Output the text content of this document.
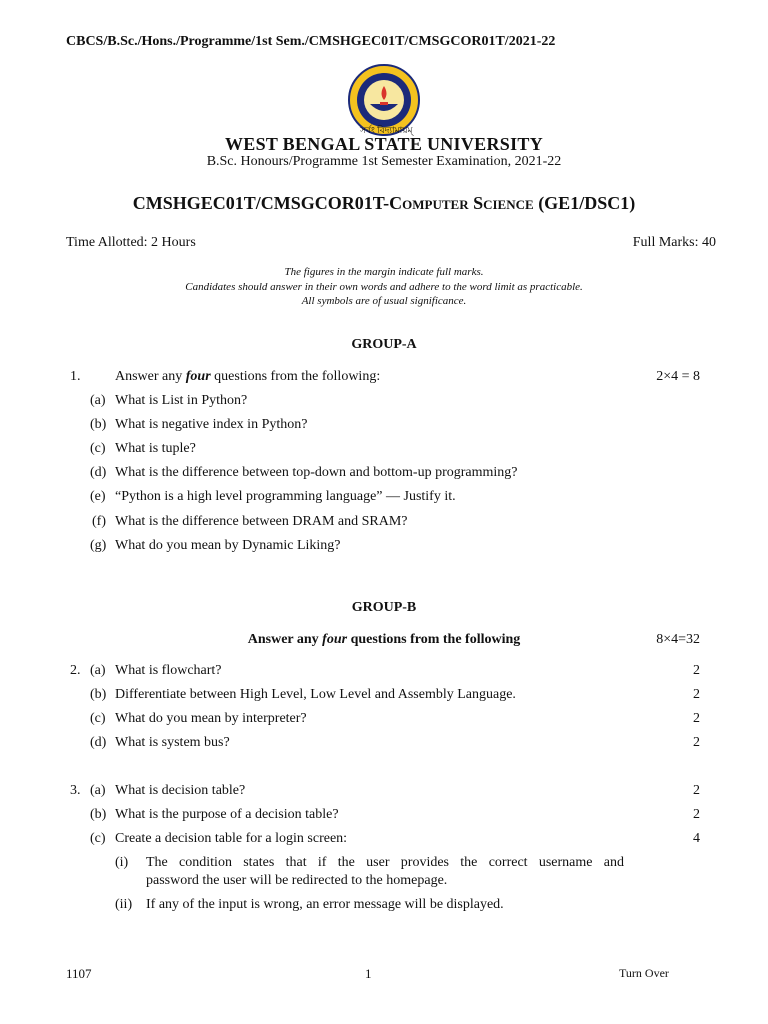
CBCS/B.Sc./Hons./Programme/1st Sem./CMSHGEC01T/CMSGCOR01T/2021-22
সর্বং বিদ্যামায়ম্
WEST BENGAL STATE UNIVERSITY
B.Sc. Honours/Programme 1st Semester Examination, 2021-22
CMSHGEC01T/CMSGCOR01T-Computer Science (GE1/DSC1)
Time Allotted: 2 Hours	Full Marks: 40
The figures in the margin indicate full marks.
Candidates should answer in their own words and adhere to the word limit as practicable.
All symbols are of usual significance.
GROUP-A
1. Answer any four questions from the following:	2×4 = 8
(a) What is List in Python?
(b) What is negative index in Python?
(c) What is tuple?
(d) What is the difference between top-down and bottom-up programming?
(e) “Python is a high level programming language” — Justify it.
(f) What is the difference between DRAM and SRAM?
(g) What do you mean by Dynamic Liking?
GROUP-B
Answer any four questions from the following	8×4=32
2. (a) What is flowchart?	2
(b) Differentiate between High Level, Low Level and Assembly Language.	2
(c) What do you mean by interpreter?	2
(d) What is system bus?	2
3. (a) What is decision table?	2
(b) What is the purpose of a decision table?	2
(c) Create a decision table for a login screen:	4
(i) The condition states that if the user provides the correct username and
password the user will be redirected to the homepage.
(ii) If any of the input is wrong, an error message will be displayed.
1107	1	Turn Over
